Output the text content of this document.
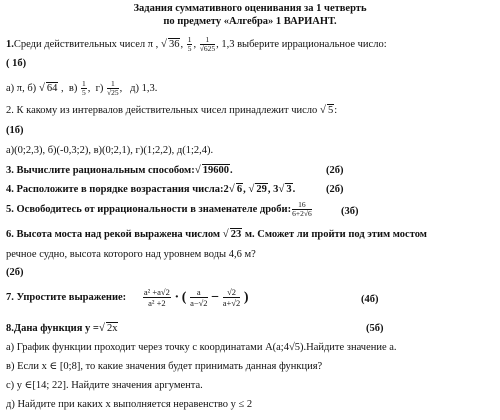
Задания суммативного оценивания за 1 четверть
по предмету «Алгебра» 1 ВАРИАНТ.
1.Среди действительных чисел π , √ 36, $\frac{1}{5}$ , $\frac{1}{√625}$ , 1,3 выберите иррациональное число:
( 1б)
а) π, б) √ 64 ,  $в) \frac{1}{5}$ ,  $г) \frac{1}{√25}$ ,   д) 1,3.
2. К какому из интервалов действительных чисел принадлежит число √ 5:
(1б)
а)(0;2,3), б)(-0,3;2), в)(0;2,1), г)(1;2,2), д(1;2,4).
3. Вычислите рациональным способом:√ 19600.	(2б)
4. Расположите в порядке возрастания числа:2√ 6, √ 29, 3√ 3.	(2б)
5. Освободитесь от иррациональности в знаменателе дроби: $\frac{16}{6+2√6}$	(3б)
6. Высота моста над рекой выражена числом √ 23 м. Сможет ли пройти под этим мостом
речное судно, высота которого над уровнем воды 4,6 м?
(2б)
7. Упростите выражение: $\frac{\text{a² +a√2}}{\text{a² +2}}$ · ( $\frac{a}{a-√2} - \frac{√2}{a+√2}$ )	(4б)
8.Дана функция y =√ 2x	(5б)
а) График функции проходит через точку с координатами A(a;4√5).Найдите значение a.
в) Если x ∈ [0;8], то какие значения будет принимать данная функция?
с) y ∈[14; 22]. Найдите значения аргумента.
д) Найдите при каких x выполняется неравенство y ≤ 2
